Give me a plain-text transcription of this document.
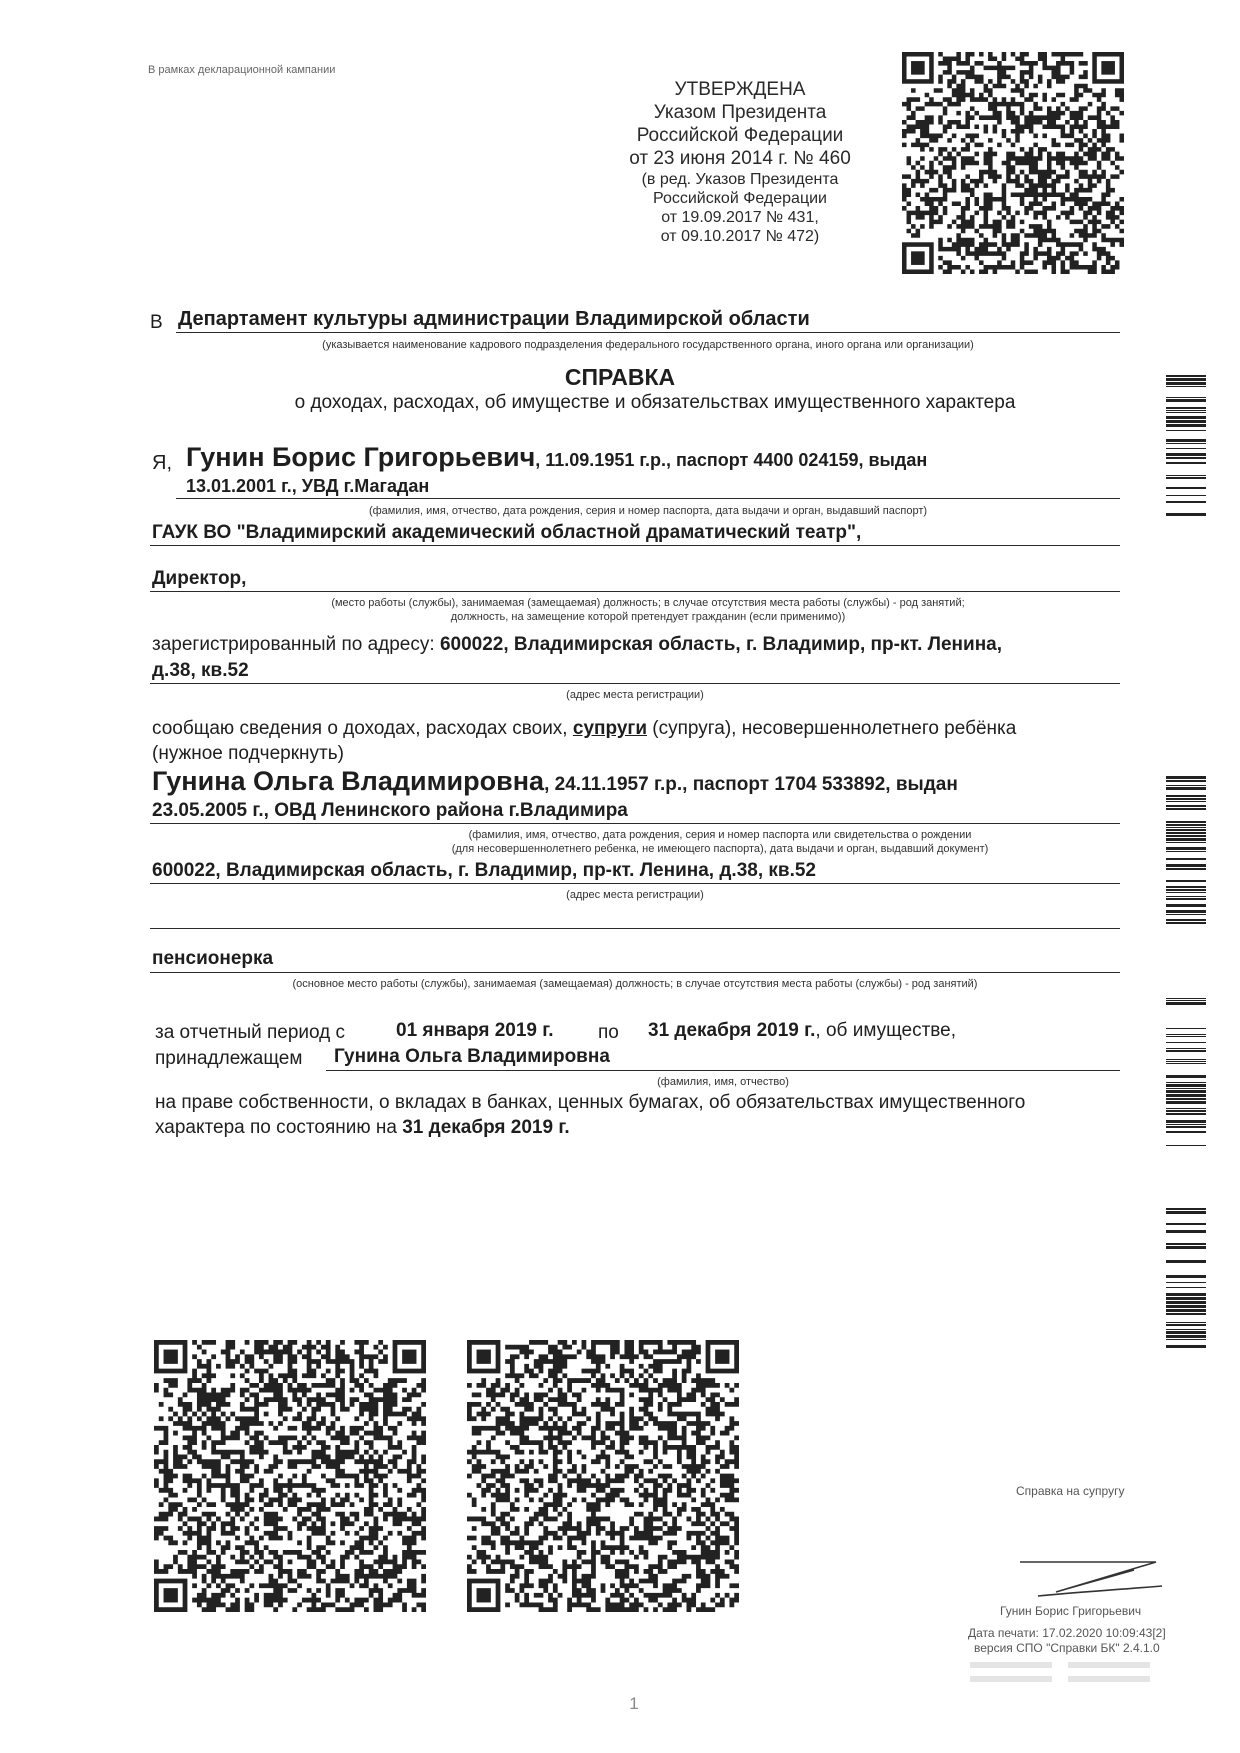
В рамках декларационной кампании
УТВЕРЖДЕНА
Указом Президента
Российской Федерации
от 23 июня 2014 г. № 460
(в ред. Указов Президента
Российской Федерации
от 19.09.2017 № 431,
от 09.10.2017 № 472)
В Департамент культуры администрации Владимирской области
(указывается наименование кадрового подразделения федерального государственного органа, иного органа или организации)
СПРАВКА
о доходах, расходах, об имуществе и обязательствах имущественного характера
Я, Гунин Борис Григорьевич, 11.09.1951 г.р., паспорт 4400 024159, выдан
13.01.2001 г., УВД г.Магадан
(фамилия, имя, отчество, дата рождения, серия и номер паспорта, дата выдачи и орган, выдавший паспорт)
ГАУК ВО "Владимирский академический областной драматический театр",
Директор,
(место работы (службы), занимаемая (замещаемая) должность; в случае отсутствия места работы (службы) - род занятий;
должность, на замещение которой претендует гражданин (если применимо))
зарегистрированный по адресу: 600022, Владимирская область, г. Владимир, пр-кт. Ленина,
д.38, кв.52
(адрес места регистрации)
сообщаю сведения о доходах, расходах своих, супруги (супруга), несовершеннолетнего ребёнка
(нужное подчеркнуть)
Гунина Ольга Владимировна, 24.11.1957 г.р., паспорт 1704 533892, выдан
23.05.2005 г., ОВД Ленинского района г.Владимира
(фамилия, имя, отчество, дата рождения, серия и номер паспорта или свидетельства о рождении
(для несовершеннолетнего ребенка, не имеющего паспорта), дата выдачи и орган, выдавший документ)
600022, Владимирская область, г. Владимир, пр-кт. Ленина, д.38, кв.52
(адрес места регистрации)
пенсионерка
(основное место работы (службы), занимаемая (замещаемая) должность; в случае отсутствия места работы (службы) - род занятий)
за отчетный период с	01 января 2019 г. по 31 декабря 2019 г., об имуществе,
принадлежащем Гунина Ольга Владимировна
(фамилия, имя, отчество)
на праве собственности, о вкладах в банках, ценных бумагах, об обязательствах имущественного
характера по состоянию на 31 декабря 2019 г.
Справка на супругу
Гунин Борис Григорьевич
Дата печати: 17.02.2020 10:09:43[2]
версия СПО "Справки БК" 2.4.1.0
1
